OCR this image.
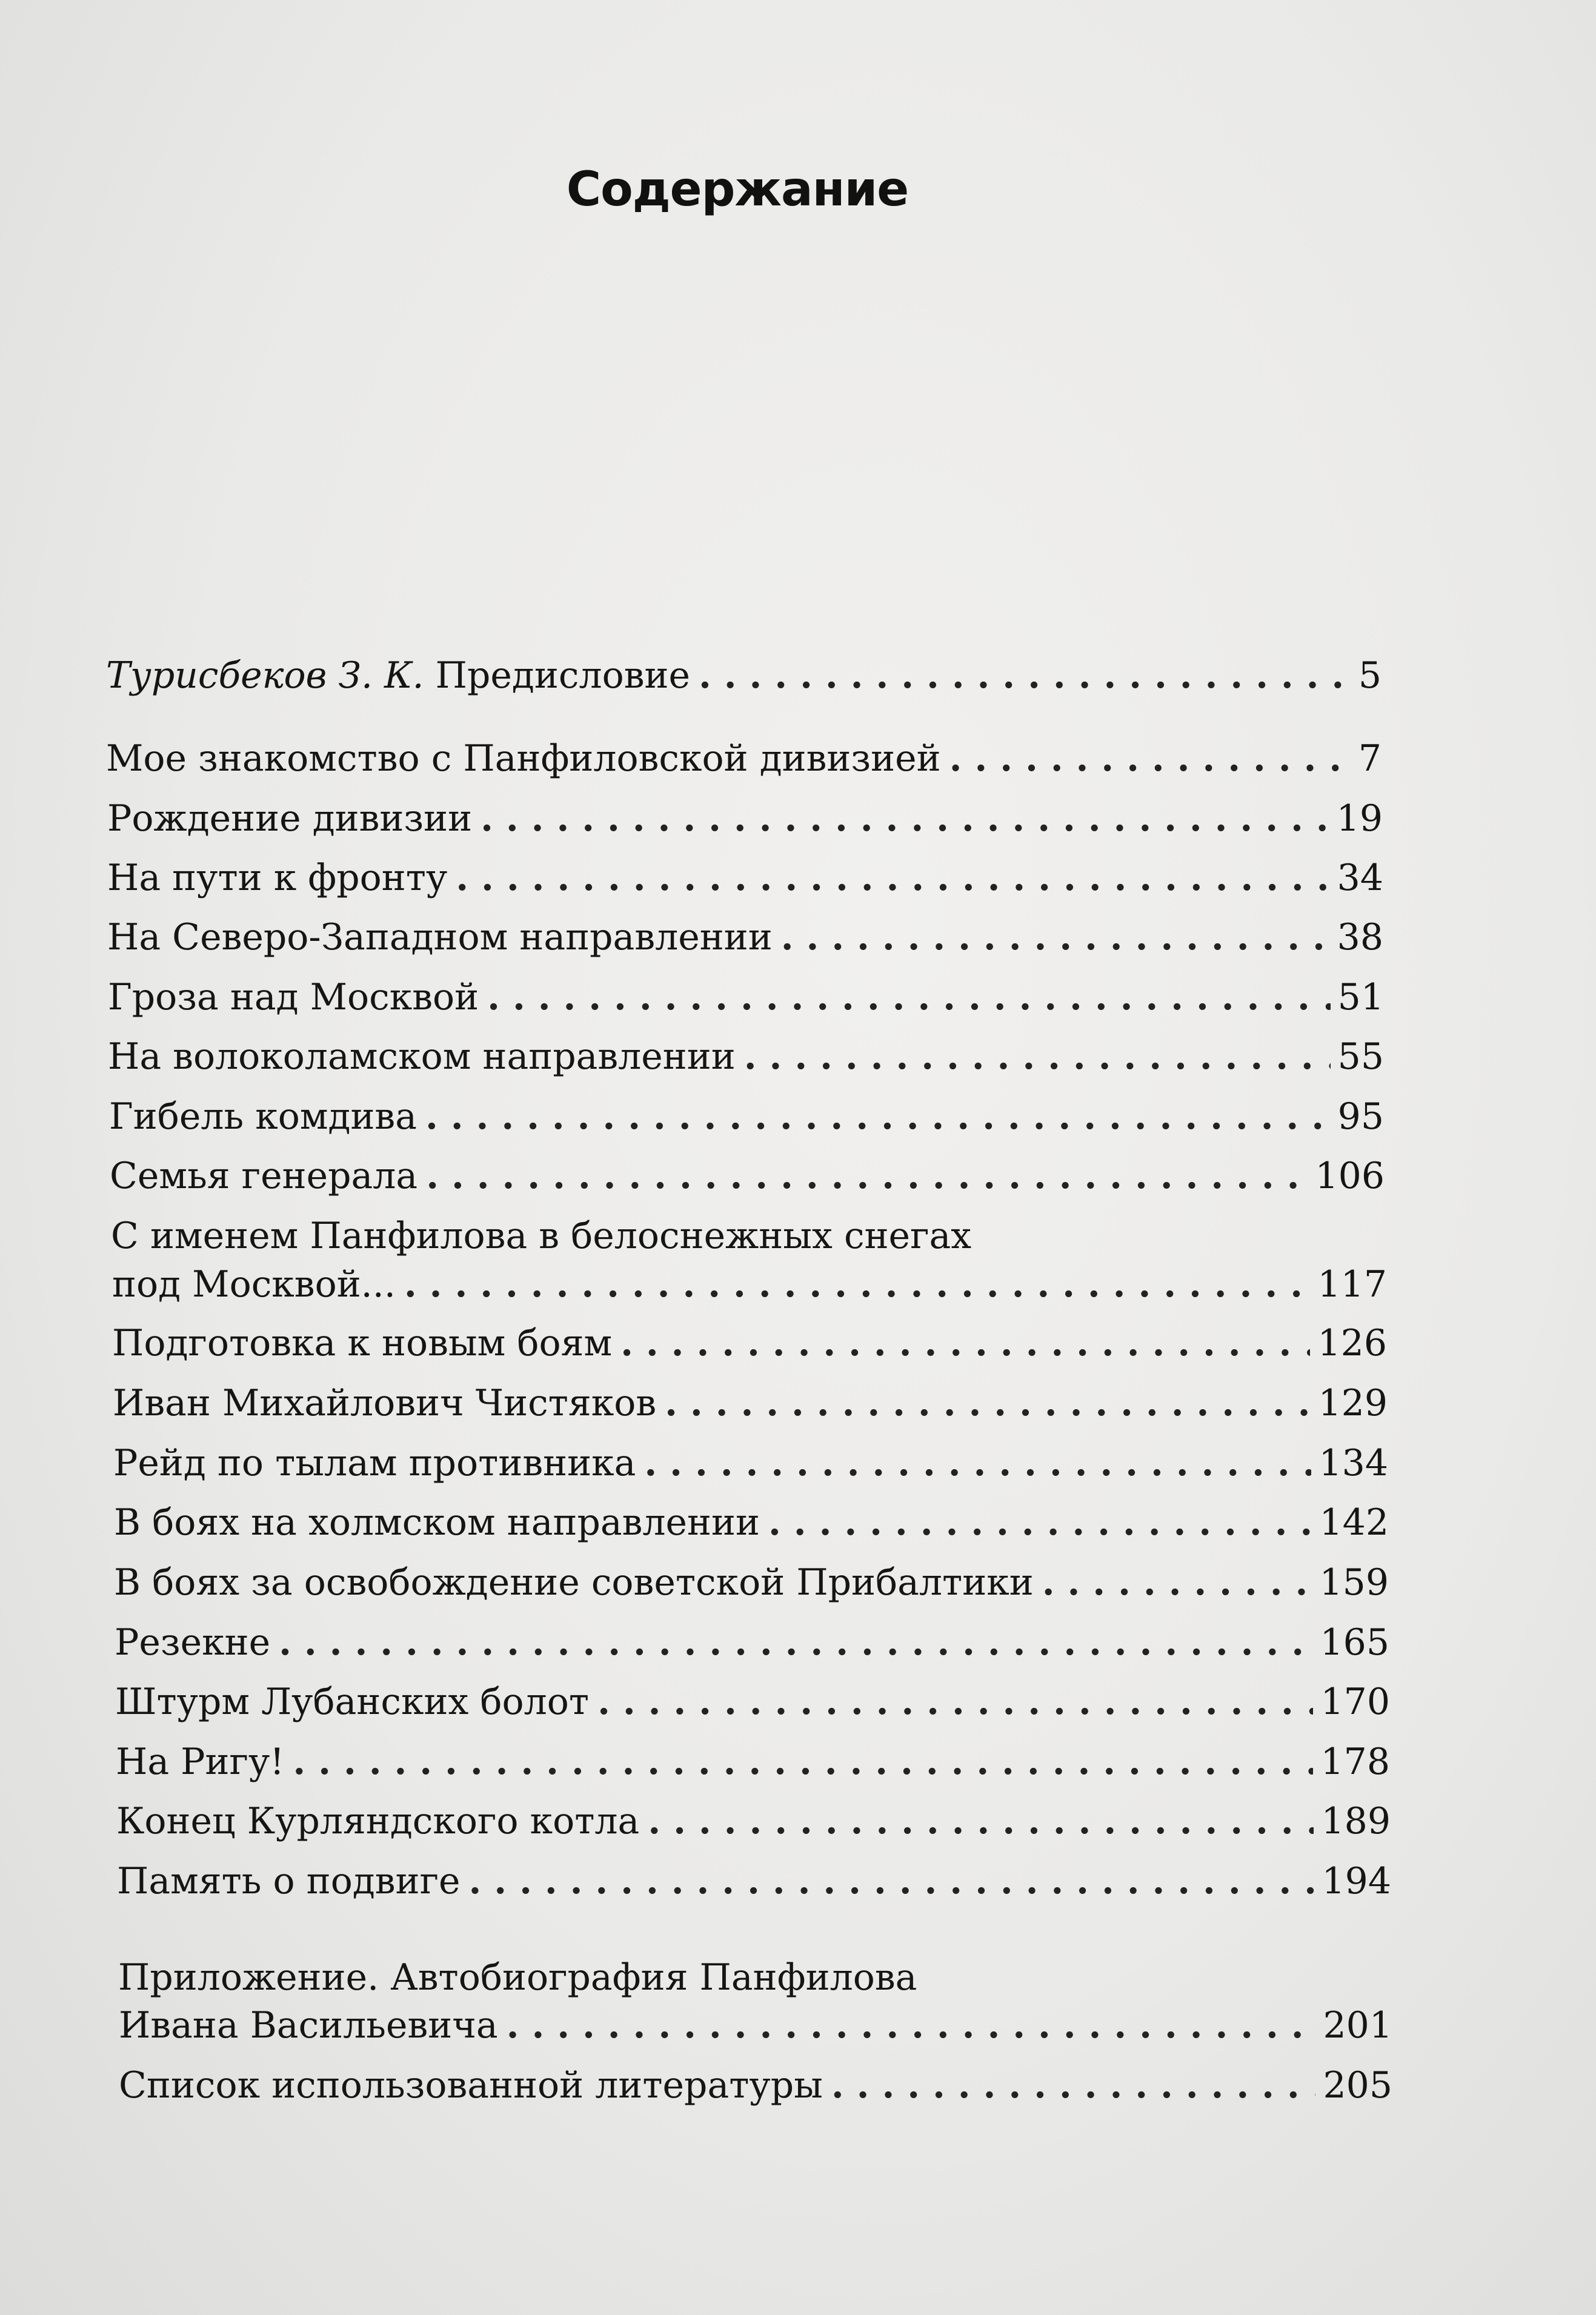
Содержание
Турисбеков З. К. Предисловие . . .	5
Мое знакомство с Панфиловской дивизией . . .	7
Рождение дивизии . . .	19
На пути к фронту . . .	34
На Северо-Западном направлении . . .	38
Гроза над Москвой . . .	51
На волоколамском направлении . . .	55
Гибель комдива . . .	95
Семья генерала . . .	106
С именем Панфилова в белоснежных снегах
под Москвой... . . .	117
Подготовка к новым боям . . .	126
Иван Михайлович Чистяков . . .	129
Рейд по тылам противника . . .	134
В боях на холмском направлении . . .	142
В боях за освобождение советской Прибалтики . . .	159
Резекне . . .	165
Штурм Лубанских болот . . .	170
На Ригу! . . .	178
Конец Курляндского котла . . .	189
Память о подвиге . . .	194
Приложение. Автобиография Панфилова
Ивана Васильевича . . .	201
Список использованной литературы . . .	205
